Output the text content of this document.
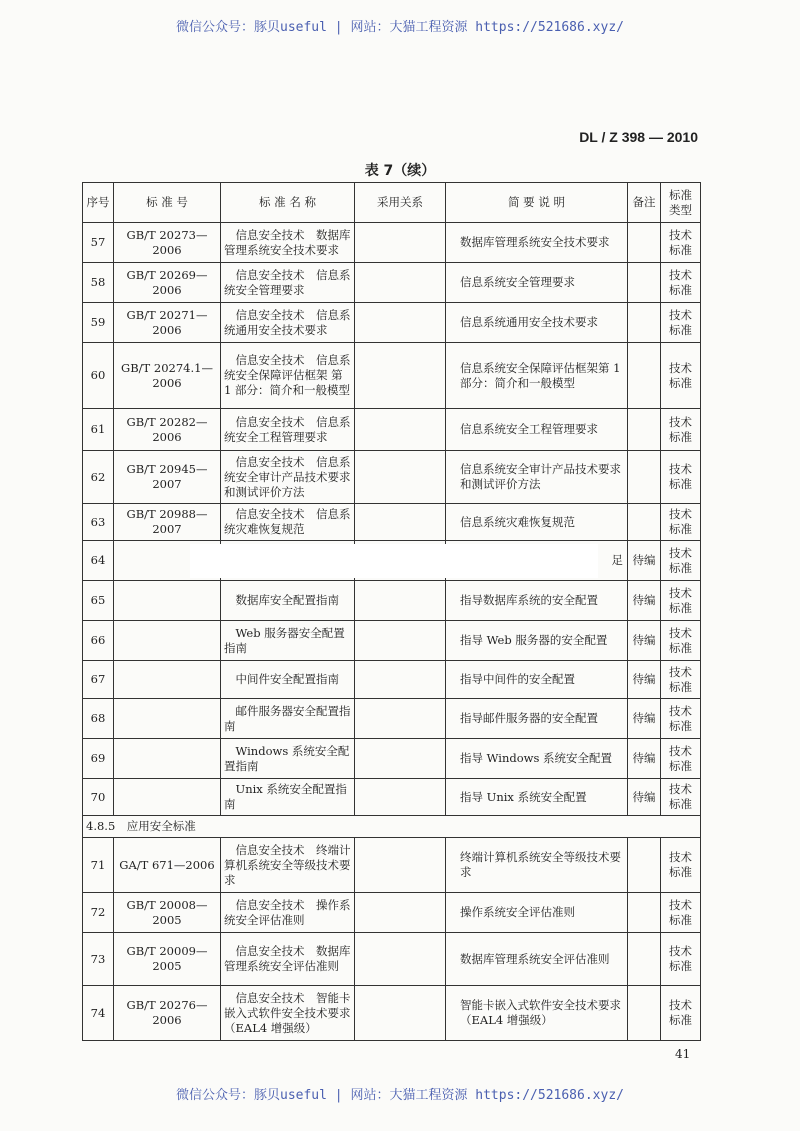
微信公众号：豚贝useful | 网站：大猫工程资源 https://521686.xyz/
DL / Z 398 — 2010
表 7（续）
序号	标 准 号	标 准 名 称	采用关系	简 要 说 明	备注	标准类型
57	GB/T 20273—2006	信息安全技术　数据库管理系统安全技术要求		数据库管理系统安全技术要求		技术标准
58	GB/T 20269—2006	信息安全技术　信息系统安全管理要求		信息系统安全管理要求		技术标准
59	GB/T 20271—2006	信息安全技术　信息系统通用安全技术要求		信息系统通用安全技术要求		技术标准
60	GB/T 20274.1—2006	信息安全技术　信息系统安全保障评估框架 第 1 部分：简介和一般模型		信息系统安全保障评估框架第 1 部分：简介和一般模型		技术标准
61	GB/T 20282—2006	信息安全技术　信息系统安全工程管理要求		信息系统安全工程管理要求		技术标准
62	GB/T 20945—2007	信息安全技术　信息系统安全审计产品技术要求和测试评价方法		信息系统安全审计产品技术要求和测试评价方法		技术标准
63	GB/T 20988—2007	信息安全技术　信息系统灾难恢复规范		信息系统灾难恢复规范		技术标准
64				足	待编	技术标准
65		数据库安全配置指南		指导数据库系统的安全配置	待编	技术标准
66		Web 服务器安全配置指南		指导 Web 服务器的安全配置	待编	技术标准
67		中间件安全配置指南		指导中间件的安全配置	待编	技术标准
68		邮件服务器安全配置指南		指导邮件服务器的安全配置	待编	技术标准
69		Windows 系统安全配置指南		指导 Windows 系统安全配置	待编	技术标准
70		Unix 系统安全配置指南		指导 Unix 系统安全配置	待编	技术标准
4.8.5　应用安全标准						
71	GA/T 671—2006	信息安全技术　终端计算机系统安全等级技术要求		终端计算机系统安全等级技术要求		技术标准
72	GB/T 20008—2005	信息安全技术　操作系统安全评估准则		操作系统安全评估准则		技术标准
73	GB/T 20009—2005	信息安全技术　数据库管理系统安全评估准则		数据库管理系统安全评估准则		技术标准
74	GB/T 20276—2006	信息安全技术　智能卡嵌入式软件安全技术要求（EAL4 增强级）		智能卡嵌入式软件安全技术要求（EAL4 增强级）		技术标准
41
微信公众号：豚贝useful | 网站：大猫工程资源 https://521686.xyz/
